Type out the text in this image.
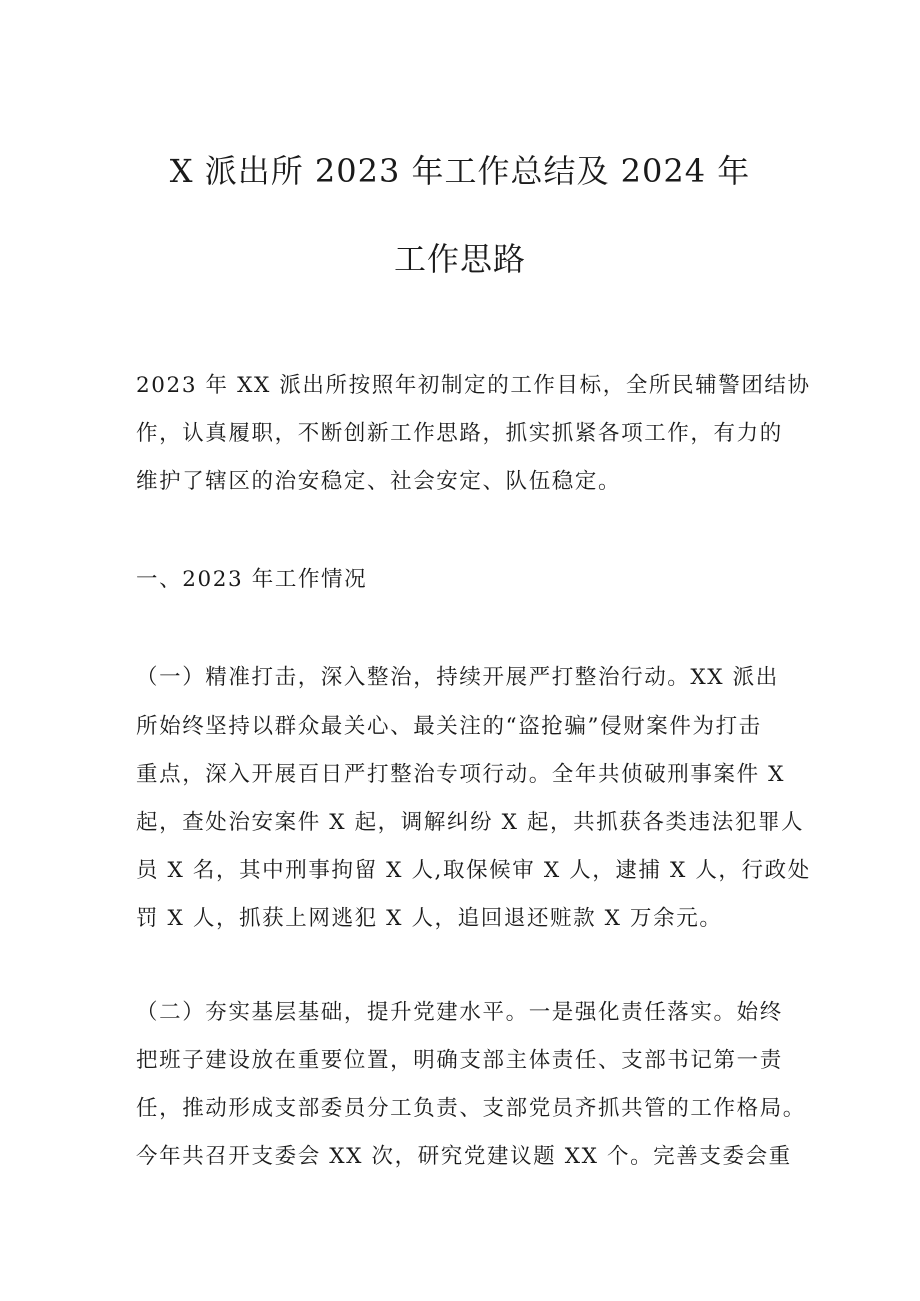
X 派出所 2023 年工作总结及 2024 年
工作思路
2023 年 XX 派出所按照年初制定的工作目标，全所民辅警团结协
作，认真履职，不断创新工作思路，抓实抓紧各项工作，有力的
维护了辖区的治安稳定、社会安定、队伍稳定。
一、2023 年工作情况
（一）精准打击，深入整治，持续开展严打整治行动。XX 派出
所始终坚持以群众最关心、最关注的“盗抢骗”侵财案件为打击
重点，深入开展百日严打整治专项行动。全年共侦破刑事案件 X
起，查处治安案件 X 起，调解纠纷 X 起，共抓获各类违法犯罪人
员 X 名，其中刑事拘留 X 人,取保候审 X 人，逮捕 X 人，行政处
罚 X 人，抓获上网逃犯 X 人，追回退还赃款 X 万余元。
（二）夯实基层基础，提升党建水平。一是强化责任落实。始终
把班子建设放在重要位置，明确支部主体责任、支部书记第一责
任，推动形成支部委员分工负责、支部党员齐抓共管的工作格局。
今年共召开支委会 XX 次，研究党建议题 XX 个。完善支委会重
